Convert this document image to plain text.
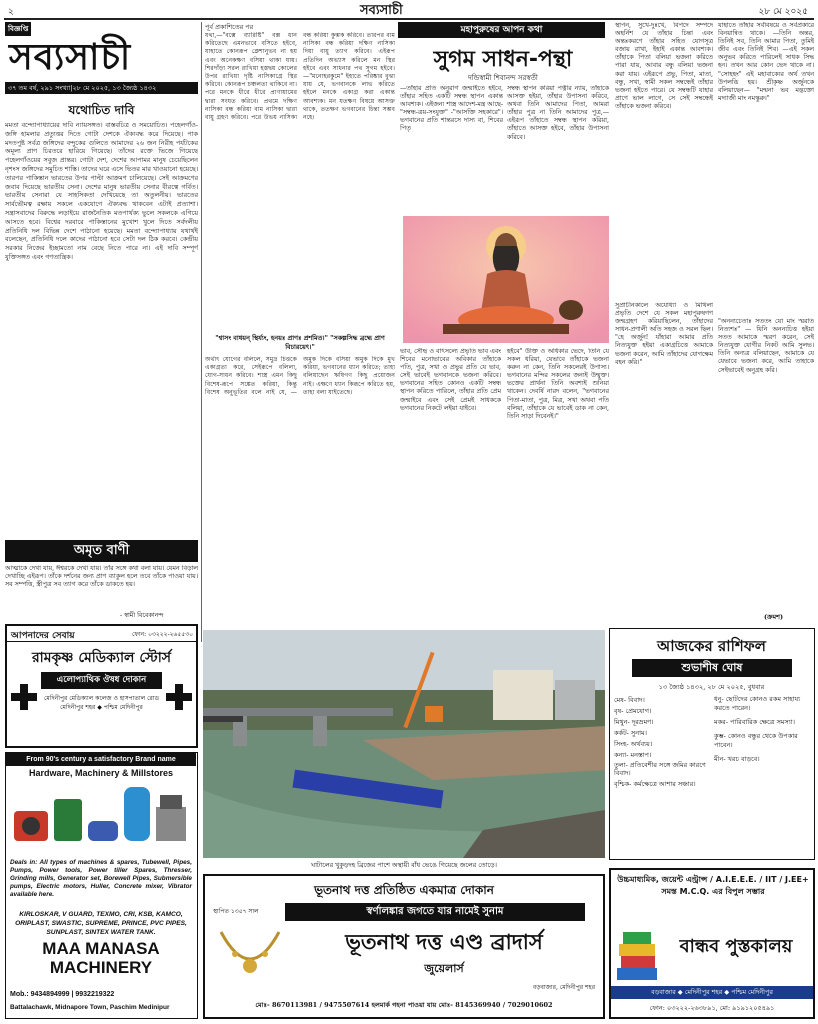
২	সব্যসাচী	২৮ মে ২০২৫
বিজ্ঞপ্তি
সব্যসাচী
৩৭ তম বর্ষ, ২৯১ সংখ্যা|২৮ মে ২০২৫, ১৩ জ্যৈষ্ঠ ১৪৩২
যথোচিত দাবি
মমতা বন্দ্যোপাধ্যায়ের দাবি ন্যায়সঙ্গত। বাস্তবচিত্র ও সময়োচিত। পহেলগাঁও- জঙ্গি হামলার প্রত্যুত্তর দিতে গোটা দেশকে ঐক্যবদ্ধ করে দিয়েছে। পাক মদতপুষ্ট সর্বত্র জঙ্গিদের বন্দুকের গুলিতে আমাদের ২৬ জন নিরীহ পর্যটকের অমূল্য প্রাণ চিরতরে হারিয়ে গিয়েছে। তাঁদের রক্তে ভিজে গিয়েছে পহেলগাঁওয়ের সবুজ প্রান্তর। গোটা দেশ, দেশের আপামর মানুষ চেয়েছিলেন নৃশংস জঙ্গিদের সমুচিত শাস্তি। তাদের ঘরে এসে ভিতর মার খাওয়ানো হয়েছে। তারপর পাকিস্তান ভারতের উপর পাল্টা আক্রমণ চালিয়েছে। সেই আক্রমণের জবাব দিয়েছে ভারতীয় সেনা। দেশের মানুষ ভারতীয় সেনার বীরত্বে গর্বিত। ভারতীয় সেনারা যে সাহসিকতা দেখিয়েছে তা অতুলনীয়। ভারতের সার্বভৌমত্ব রক্ষায় সকলে একযোগে ঐক্যবদ্ধ থাকবেন এটাই প্রত্যাশা। সন্ত্রাসবাদের বিরুদ্ধে লড়াইয়ে রাজনৈতিক মতপার্থক্য ভুলে সকলকে এগিয়ে আসতে হবে। বিশ্বের দরবারে পাকিস্তানের মুখোশ খুলে দিতে সর্বদলীয় প্রতিনিধি দল বিভিন্ন দেশে পাঠানো হয়েছে। মমতা বন্দ্যোপাধ্যায় যথার্থই বলেছেন, প্রতিনিধি দলে কাদের পাঠানো হবে সেটা দল ঠিক করবে। কেন্দ্রীয় সরকার নিজের ইচ্ছামতো নাম বেছে নিতে পারে না। এই দাবি সম্পূর্ণ যুক্তিসঙ্গত এবং গণতান্ত্রিক।
অমৃত বাণী
আত্মাকে দেখা যায়, ঈশ্বরকে দেখা যায়। তাঁর সঙ্গে কথা বলা যায়। যেমন বিড়াল দেখাচ্ছি এইরূপ। তাঁকে দর্শনের জন্য প্রাণ ব্যাকুল হলে তবে তাঁকে পাওয়া যায়। সব সম্পত্তি, স্ত্রীপুত্র সব ত্যাগ করে তাঁকে ডাকতে হয়।
- স্বামী বিবেকানন্দ
আপনাদের সেবায়	ফোন: ০৩২২২-২৬৫৫৩০
রামকৃষ্ণ মেডিক্যাল স্টোর্স
এলোপ্যাথিক ঔষধ দোকান
মেদিনীপুর মেডিক্যাল কলেজ ও হাসপাতাল রোড মেদিনীপুর শহর ◆ পশ্চিম মেদিনীপুর
From 90's century a satisfactory Brand name
Hardware, Machinery & Millstores
Deals in: All types of machines & spares, Tubewell, Pipes, Pumps, Power tools, Power tiller Spares, Thresser, Grinding mills, Generator set, Borewell Pipes, Submersible pumps, Electric motors, Huller, Concrete mixer, Vibrator available here.
KIRLOSKAR, V GUARD, TEXMO, CRI, KSB, KAMCO, ORIPLAST, SWASTIC, SUPREME, PRINCE, PVC PIPES, SUNPLAST, SINTEX WATER TANK.
MAA MANASA MACHINERY
Mob.: 9434894999 | 9932219322
Battalachawk, Midnapore Town, Paschim Medinipur
পূর্ব প্রকাশিতের পর
যথা,—"বক্সে ব্যারিষ্টি" বক্স ধান করিতেছে এমনভাবে বসিতে হইবে, যাহাতে কোনরূপ ক্লেশানুভব না হয় এবং অনেকক্ষণ বসিয়া থাকা যায়। শিরদাঁড়া সরল রাখিয়া হস্তদ্বয় কোলের উপর রাখিয়া দৃষ্টি নাসিকাগ্রে স্থির করিবে। কোনরূপ চঞ্চলতা থাকিবে না। পরে মনকে ধীরে ধীরে প্রাণায়ামের দ্বারা সংযত করিবে। প্রথমে দক্ষিণ নাসিকা বন্ধ করিয়া বাম নাসিকা দ্বারা বায়ু গ্রহণ করিবে। পরে উভয় নাসিকা বন্ধ করিয়া কুম্ভক করিবে। তারপর বাম নাসিকা বন্ধ করিয়া দক্ষিণ নাসিকা দিয়া বায়ু ত্যাগ করিবে। এইরূপ প্রতিদিন অভ্যাস করিলে মন স্থির হইবে এবং সাধনার পথ সুগম হইবে। —"মনোহরকুমে" ইহাতে পরিষ্কার বুঝা যায় যে, ভগবানকে লাভ করিতে হইলে মনকে একাগ্র করা একান্ত আবশ্যক। মন যতক্ষণ বিষয়ে আসক্ত থাকে, ততক্ষণ ভগবানের চিন্তা সম্ভব নহে।
"শ্বাসং বাধয়ন্ স্থির্য্যং, হনয়ঃ প্রাণঃ প্রশমিত।" "সকল্পসিদ্ধ ব্রহ্মে প্রাণ বিচারয়েৎ।"
অর্থাৎ যোগের বলিলে, সমুদ্র চিত্তকে একাগ্রতা করে, সেইরূপে বলিলা, যোগ-সাধন করিবে। শাস্ত্র এমন কিছু বিশেষ-রূপে সঙ্কেত করিয়া, কিন্তু বিশেষ অনুভূতির বলে নাই যে, —অমুক দিকে বসিয়া অমুক দিকে মুখ করিয়া, ভগবানের ধ্যান করিতে; তাহা বলিয়াছেন ঋষিগণ কিছু প্রয়োজন নাই। এক্ষণে ধ্যান কিরূপে করিতে হয়, তাহা বলা যাইতেছে।
মহাপুরুষের আপন কথা
সুগম সাধন-পন্থা
দন্ডিস্বামী শিবানন্দ সরস্বতী
—তাঁহার প্রতি অনুরাগ জন্মাইতে হইবে, তাঁহার সহিত একটি সম্বন্ধ স্থাপন একান্ত আবশ্যক। এইজন্য শাস্ত্র আদেশ-মন্ত্র আছে- "সম্বন্ধ-ত্রয়-সংযুক্ত" -"আসক্তি সহকারে"। ভগবানের প্রতি শান্তরসে দাস্য বা, শিবের পিতৃ
সম্বন্ধ স্থাপন করিয়া পত্নীর ন্যায়, তাঁহাকে আসক্ত হইয়া, তাঁহার উপাসনা করিবে, অথবা তিনি আমাদের পিতা, আমরা তাঁহার পুত্র না তিনি আমাদের পুত্র,—এইরূপ তাঁহাতে সম্বন্ধ স্থাপন করিয়া, তাঁহাতে আসক্ত হইবে, তাঁহার উপাসনা করিবে।
স্থাপন, সুখে-দুঃখে, বিপদে সম্পদে অহর্নিশ যে তাঁহার চিন্তা এবং অন্তঃকরণে তাঁহার সহিত যোগসূত্র বজায় রাখা, ইহাই একান্ত আবশ্যক। তাঁহাকে পিতা বলিয়া ভজনা করিতে পারা যায়, আবার বন্ধু বলিয়া ভজনা করা যায়। এইরূপে প্রভু, পিতা, মাতা, বন্ধু, সখা, স্বামী সকল সম্বন্ধেই তাঁহার ভজনা হইতে পারে। যে সম্বন্ধটি যাহার প্রাণে ভাল লাগে, সে সেই সম্বন্ধেই তাঁহাকে ভজনা করিবে।
যাহাতে তাঁহার সর্ববিষয়ে ও সর্বপ্রকারে বিনয়ান্বিত থাকে। —তিনি অন্তর, তিনিই সব, তিনি আমার পিতা, তুমিই জীব এবং তিনিই শিব। —এই সকল অনুভব করিতে পারিলেই সাধক সিদ্ধ হন। তখন আর কোন ভেদ থাকে না। "সোহহং" এই মহাবাক্যের অর্থ তখন উপলব্ধি হয়। শ্রীকৃষ্ণ অর্জুনকে বলিয়াছেন— "মন্মনা ভব মদ্ভক্তো মদ্যাজী মাং নমস্কুরু।"
ভাব, সৌহৃ ও বাৎসল্যে প্রভৃতি ভাব এবং শিবের মনোভাবের অবিকার তাঁহাকে পতি, পুত্র, সখা ও প্রভুর প্রতি যে ভাব, সেই ভাবেই ভগবানকে ভজনা করিবে। ভগবানের সহিত কোনও একটি সম্বন্ধ স্থাপন করিতে পারিলে, তাঁহার প্রতি প্রেম জন্মাইবে এবং সেই প্রেমই সাধককে ভগবানের নিকটে লইয়া যাইবে।
হইবে" উক্তি ও অধিকার ভেদে, তিনি যে সকল ধরিয়া, যেভাবে তাঁহাকে ভজনা করুন না কেন, তিনি সকলেরই উপাস্য। ভগবানের মন্দির সকলের জন্যই উন্মুক্ত। ভক্তের প্রার্থনা তিনি অবশ্যই শুনিয়া থাকেন। দেবর্ষি নারদ বলেন, "ভগবানের পিতা-মাতা, পুত্র, মিত্র, সখা অথবা পতি বলিয়া, তাঁহাকে যে ভাবেই ডাক না কেন, তিনি সাড়া দিবেনই।"
সুপ্রাচীনকালে অযোধ্যা ও মিথিলা প্রভৃতি দেশে যে সকল মহাপুরুষগণ জন্মগ্রহণ করিয়াছিলেন, তাঁহাদের সাধন-প্রণালী অতি সহজ ও সরল ছিল। "হে অর্জুন! যাঁহারা আমার প্রতি নিত্যযুক্ত হইয়া একাগ্রচিত্তে আমাকে ভজনা করেন, আমি তাঁহাদের যোগক্ষেম বহন করি।"
"অনন্যচেতাঃ সততং যো মাং স্মরতি নিত্যশঃ" — যিনি অনন্যচিত্ত হইয়া সতত আমাকে স্মরণ করেন, সেই নিত্যযুক্ত যোগীর নিকট আমি সুলভ। তিনি অন্যত্র বলিয়াছেন, আমাকে যে যেভাবে ভজনা করে, আমি তাহাকে সেইভাবেই অনুগ্রহ করি।
(ক্রমশ)
ঘাটালের খুকুড়দহ ব্রিজের পাশে অস্থায়ী বাঁধ ভেঙে গিয়েছে জলের তোড়ে।
আজকের রাশিফল
শুভাশীষ ঘোষ
১৩ জ্যৈষ্ঠ ১৪৩২, ২৮ মে ২০২৫, বুধবার
মেষ- বিবাদ।
বৃষ- প্রেমযোগ।
মিথুন- দূরভ্রমণ।
কর্কট- সুনাম।
সিংহ- অর্থব্যয়।
কন্যা- মনস্তাপ।
তুলা- প্রতিবেশীর সঙ্গে জমির কারণে বিবাদ।
বৃশ্চিক- কর্মক্ষেত্রে আশার সঞ্চার।
ধনু- ছোটদের কোনও রকম সাহায্য করতে পারেন।
মকর- পারিবারিক ক্ষেত্রে সমস্যা।
কুম্ভ- কোনও বন্ধুর থেকে উপকার পাবেন।
মীন- খরচ বাড়বে।
ভূতনাথ দত্ত প্রতিষ্ঠিত একমাত্র দোকান
স্থাপিত ১৩৫৭ সাল	স্বর্ণালঙ্কার জগতে যার নামেই সুনাম
ভূতনাথ দত্ত এণ্ড ব্রাদার্স
জুয়েলার্স
বড়বাজার, মেদিনীপুর শহর
মোঃ- 8670113981 / 9475507614 হলমার্ক গহনা পাওয়া যায় মোঃ- 8145369940 / 7029010602
উচ্চমাধ্যমিক, জয়েন্ট এন্ট্রান্স / A.I.E.E.E. / IIT / J.EE+ সমস্ত M.C.Q. এর বিপুল সম্ভার
বান্ধব পুস্তকালয়
বড়বাজার ◆ মেদিনীপুর শহর ◆ পশ্চিম মেদিনীপুর
ফোন: ০৩২২২-২৬৩৮৯১, মো: ৯১৯১২০৫৪৯১
